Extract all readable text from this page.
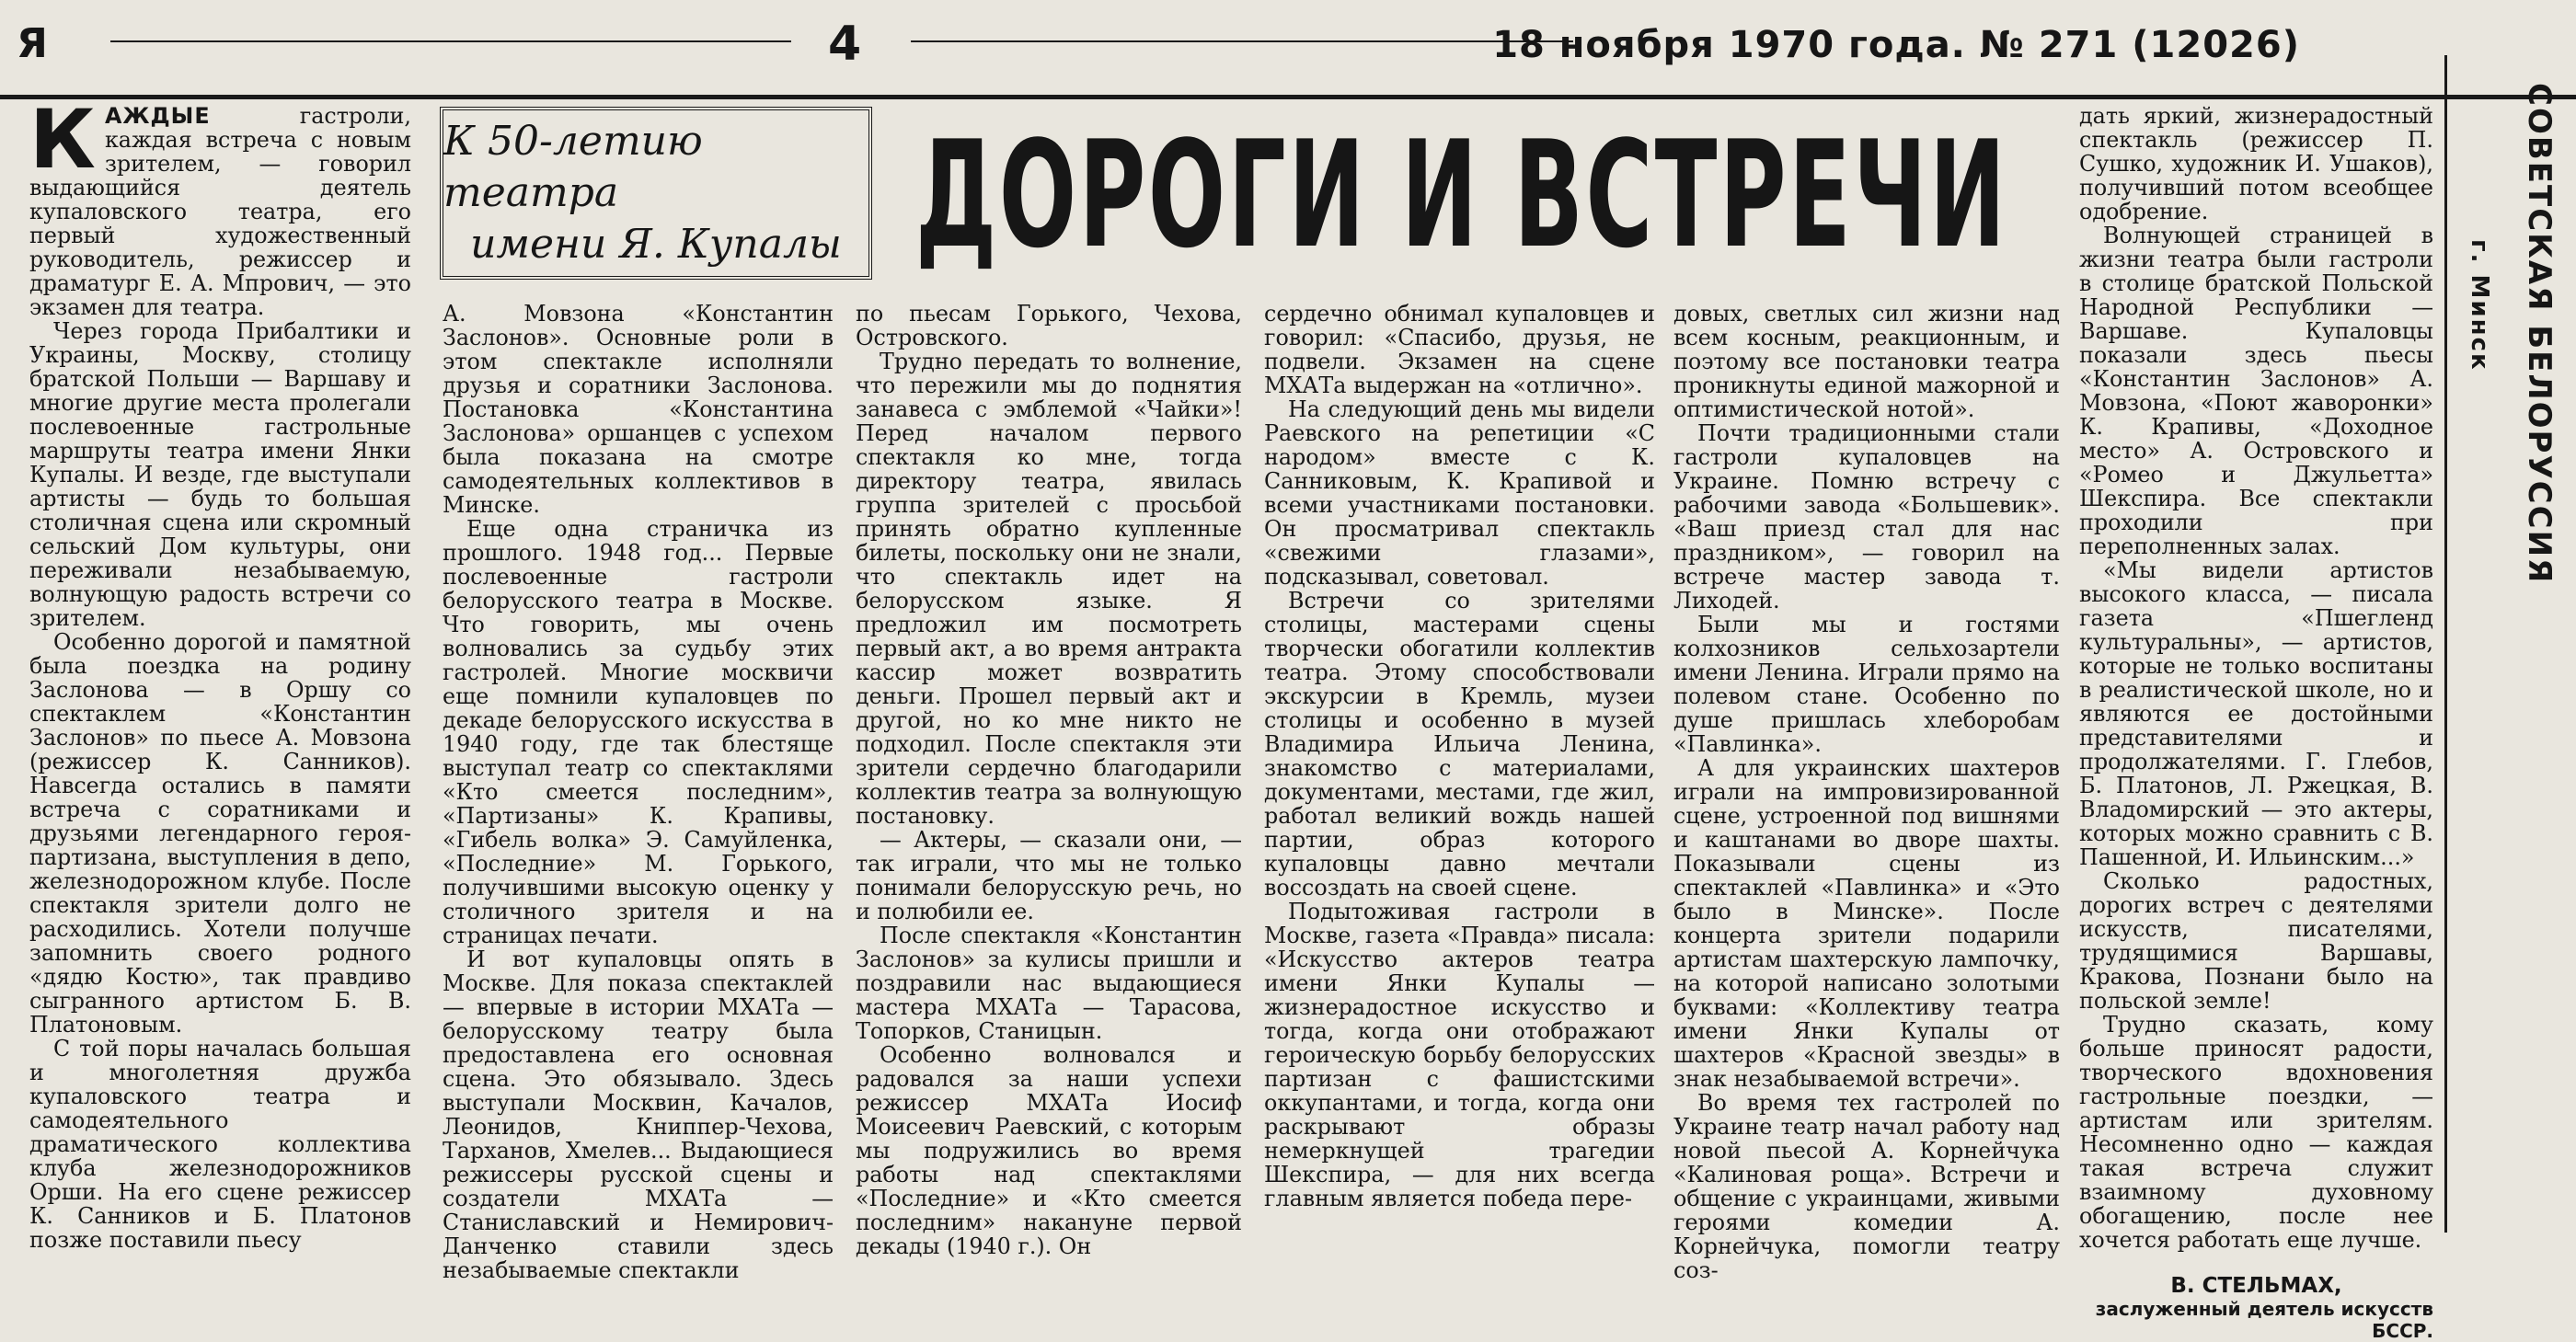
Я	4	18 ноября 1970 года. № 271 (12026)
К 50-летию театра
имени Я. Купалы ДОРОГИ И ВСТРЕЧИ

КАЖДЫЕ	гастроли, каждая встреча с новым зрителем, — говорил выдающийся деятель купаловского театра, его первый художественный руководитель, режиссер и драматург Е. А. Мпрович, — это экзамен для театра.

Через города Прибалтики и Украины, Москву, столицу братской Польши — Варшаву и многие другие места пролегали послевоенные гастрольные маршруты театра имени Янки Купалы. И везде, где выступали артисты — будь то большая столичная сцена или скромный сельский Дом культуры, они переживали незабываемую, волнующую радость встречи со зрителем.

Особенно дорогой и памятной была поездка на родину Заслонова — в Оршу со спектаклем «Константин Заслонов» по пьесе А. Мовзона (режиссер К. Санников). Навсегда остались в памяти встреча с соратниками и друзьями легендарного героя-партизана, выступления в депо, железнодорожном клубе. После спектакля зрители долго не расходились. Хотели получше запомнить своего родного «дядю Костю», так правдиво сыгранного артистом Б. В. Платоновым.

С той поры началась большая и многолетняя дружба купаловского театра и самодеятельного драматического коллектива клуба железнодорожников Орши. На его сцене режиссер К. Санников и Б. Платонов позже поставили пьесу

А. Мовзона «Константин Заслонов». Основные роли в этом спектакле исполняли друзья и соратники Заслонова. Постановка «Константина Заслонова» оршанцев с успехом была показана на смотре самодеятельных коллективов в Минске.

Еще одна страничка из прошлого. 1948 год... Первые послевоенные гастроли белорусского театра в Москве. Что говорить, мы очень волновались за судьбу этих гастролей. Многие москвичи еще помнили купаловцев по декаде белорусского искусства в 1940 году, где так блестяще выступал театр со спектаклями «Кто смеется последним», «Партизаны» К. Крапивы, «Гибель волка» Э. Самуйленка, «Последние» М. Горького, получившими высокую оценку у столичного зрителя и на страницах печати.

И вот купаловцы опять в Москве. Для показа спектаклей — впервые в истории МХАТа — белорусскому театру была предоставлена его основная сцена. Это обязывало. Здесь выступали Москвин, Качалов, Леонидов, Книппер-Чехова, Тарханов, Хмелев... Выдающиеся режиссеры русской сцены и создатели МХАТа — Станиславский и Немирович-Данченко ставили здесь незабываемые спектакли

по пьесам Горького, Чехова, Островского.

Трудно передать то волнение, что пережили мы до поднятия занавеса с эмблемой «Чайки»! Перед началом первого спектакля ко мне, тогда директору театра, явилась группа зрителей с просьбой принять обратно купленные билеты, поскольку они не знали, что спектакль идет на белорусском языке. Я предложил им посмотреть первый акт, а во время антракта кассир может возвратить деньги. Прошел первый акт и другой, но ко мне никто не подходил. После спектакля эти зрители сердечно благодарили коллектив театра за волнующую постановку.

— Актеры, — сказали они, — так играли, что мы не только понимали белорусскую речь, но и полюбили ее.

После спектакля «Константин Заслонов» за кулисы пришли и поздравили нас выдающиеся мастера МХАТа — Тарасова, Топорков, Станицын.

Особенно волновался и радовался за наши успехи режиссер МХАТа Иосиф Моисеевич Раевский, с которым мы подружились во время работы над спектаклями «Последние» и «Кто смеется последним» накануне первой декады (1940 г.). Он

сердечно обнимал купаловцев и говорил: «Спасибо, друзья, не подвели. Экзамен на сцене МХАТа выдержан на «отлично».

На следующий день мы видели Раевского на репетиции «С народом» вместе с К. Санниковым, К. Крапивой и всеми участниками постановки. Он просматривал спектакль «свежими глазами», подсказывал, советовал.

Встречи со зрителями столицы, мастерами сцены творчески обогатили коллектив театра. Этому способствовали экскурсии в Кремль, музеи столицы и особенно в музей Владимира Ильича Ленина, знакомство с материалами, документами, местами, где жил, работал великий вождь нашей партии, образ которого купаловцы давно мечтали воссоздать на своей сцене.

Подытоживая гастроли в Москве, газета «Правда» писала: «Искусство актеров театра имени Янки Купалы — жизнерадостное искусство и тогда, когда они отображают героическую борьбу белорусских партизан с фашистскими оккупантами, и тогда, когда они раскрывают образы немеркнущей трагедии Шекспира, — для них всегда главным является победа пере-

довых, светлых сил жизни над всем косным, реакционным, и поэтому все постановки театра проникнуты единой мажорной и оптимистической нотой».

Почти традиционными стали гастроли купаловцев на Украине. Помню встречу с рабочими завода «Большевик». «Ваш приезд стал для нас праздником», — говорил на встрече мастер завода т. Лиходей.

Были мы и гостями колхозников сельхозартели имени Ленина. Играли прямо на полевом стане. Особенно по душе пришлась хлеборобам «Павлинка».

А для украинских шахтеров играли на импровизированной сцене, устроенной под вишнями и каштанами во дворе шахты. Показывали сцены из спектаклей «Павлинка» и «Это было в Минске». После концерта зрители подарили артистам шахтерскую лампочку, на которой написано золотыми буквами: «Коллективу театра имени Янки Купалы от шахтеров «Красной звезды» в знак незабываемой встречи».

Во время тех гастролей по Украине театр начал работу над новой пьесой А. Корнейчука «Калиновая роща». Встречи и общение с украинцами, живыми героями комедии А. Корнейчука, помогли театру соз-

дать яркий, жизнерадостный спектакль (режиссер П. Сушко, художник И. Ушаков), получивший потом всеобщее одобрение.

Волнующей страницей в жизни театра были гастроли в столице братской Польской Народной Республики — Варшаве. Купаловцы показали здесь пьесы «Константин Заслонов» А. Мовзона, «Поют жаворонки» К. Крапивы, «Доходное место» А. Островского и «Ромео и Джульетта» Шекспира. Все спектакли проходили при переполненных залах.

«Мы видели артистов высокого класса, — писала газета «Пшегленд культуральны», — артистов, которые не только воспитаны в реалистической школе, но и являются ее достойными представителями и продолжателями. Г. Глебов, Б. Платонов, Л. Ржецкая, В. Владомирский — это актеры, которых можно сравнить с В. Пашенной, И. Ильинским...»

Сколько радостных, дорогих встреч с деятелями искусств, писателями, трудящимися Варшавы, Кракова, Познани было на польской земле!

Трудно сказать, кому больше приносят радости, творческого вдохновения гастрольные поездки, — артистам или зрителям. Несомненно одно — каждая такая встреча служит взаимному духовному обогащению, после нее хочется работать еще лучше.

В. СТЕЛЬМАХ,
заслуженный деятель искусств БССР.
СОВЕТСКАЯ БЕЛОРУССИЯ
г. Минск
